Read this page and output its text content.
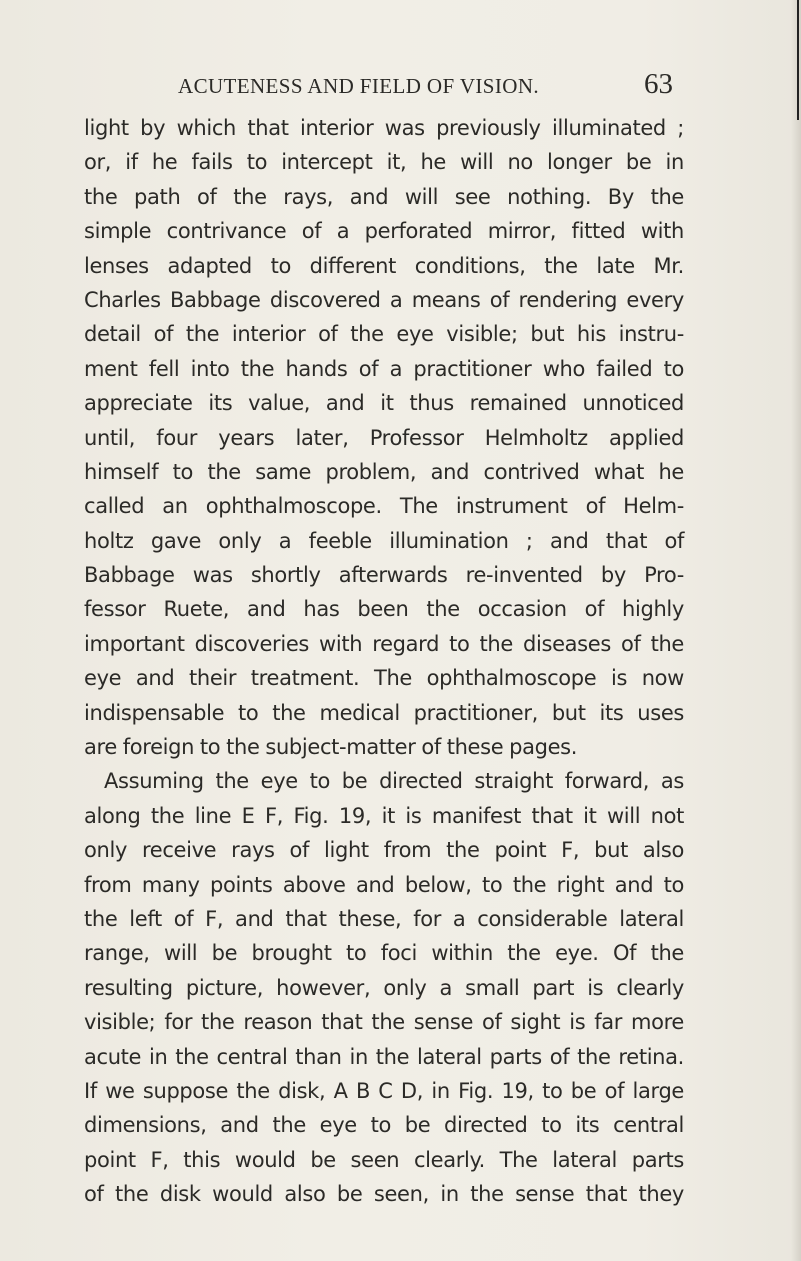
ACUTENESS AND FIELD OF VISION.	63
light by which that interior was previously illuminated ;
or, if he fails to intercept it, he will no longer be in
the path of the rays, and will see nothing. By the
simple contrivance of a perforated mirror, fitted with
lenses adapted to different conditions, the late Mr.
Charles Babbage discovered a means of rendering every
detail of the interior of the eye visible; but his instru-
ment fell into the hands of a practitioner who failed to
appreciate its value, and it thus remained unnoticed
until, four years later, Professor Helmholtz applied
himself to the same problem, and contrived what he
called an ophthalmoscope. The instrument of Helm-
holtz gave only a feeble illumination ; and that of
Babbage was shortly afterwards re-invented by Pro-
fessor Ruete, and has been the occasion of highly
important discoveries with regard to the diseases of the
eye and their treatment. The ophthalmoscope is now
indispensable to the medical practitioner, but its uses
are foreign to the subject-matter of these pages.
Assuming the eye to be directed straight forward, as
along the line E F, Fig. 19, it is manifest that it will not
only receive rays of light from the point F, but also
from many points above and below, to the right and to
the left of F, and that these, for a considerable lateral
range, will be brought to foci within the eye. Of the
resulting picture, however, only a small part is clearly
visible; for the reason that the sense of sight is far more
acute in the central than in the lateral parts of the retina.
If we suppose the disk, A B C D, in Fig. 19, to be of large
dimensions, and the eye to be directed to its central
point F, this would be seen clearly. The lateral parts
of the disk would also be seen, in the sense that they
